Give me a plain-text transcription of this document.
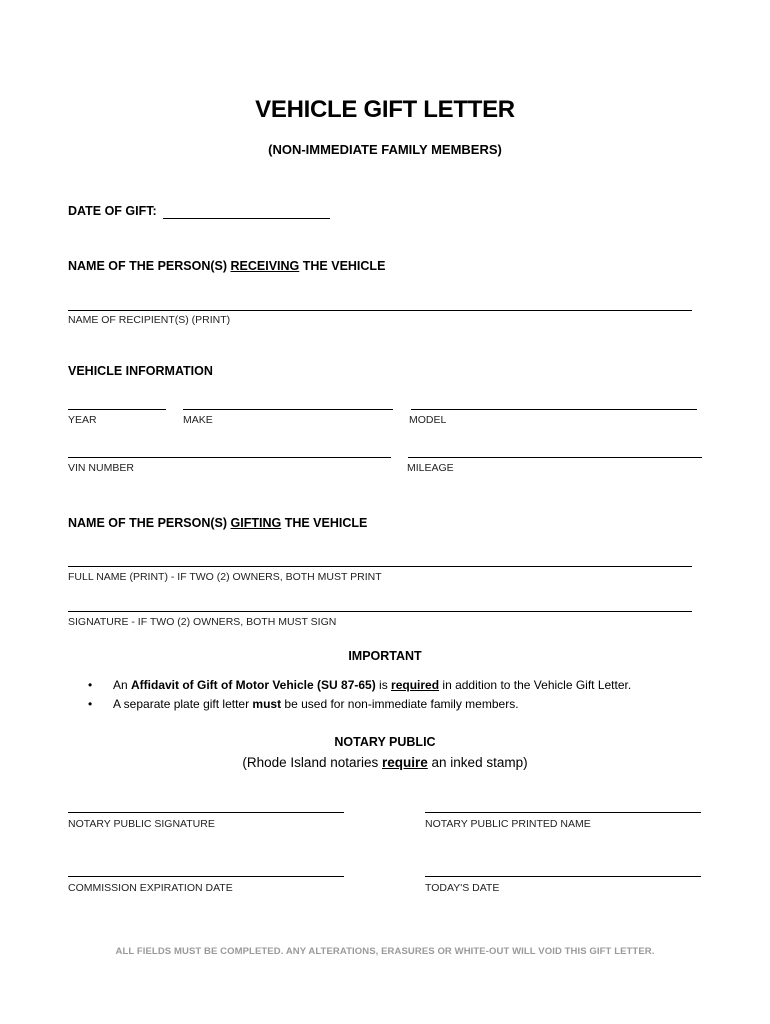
VEHICLE GIFT LETTER
(NON-IMMEDIATE FAMILY MEMBERS)
DATE OF GIFT:
NAME OF THE PERSON(S) RECEIVING THE VEHICLE
NAME OF RECIPIENT(S) (PRINT)
VEHICLE INFORMATION
YEAR	MAKE	MODEL
VIN NUMBER	MILEAGE
NAME OF THE PERSON(S) GIFTING THE VEHICLE
FULL NAME (PRINT) - IF TWO (2) OWNERS, BOTH MUST PRINT
SIGNATURE - IF TWO (2) OWNERS, BOTH MUST SIGN
IMPORTANT
•	An Affidavit of Gift of Motor Vehicle (SU 87-65) is required in addition to the Vehicle Gift Letter.
•	A separate plate gift letter must be used for non-immediate family members.
NOTARY PUBLIC
(Rhode Island notaries require an inked stamp)
NOTARY PUBLIC SIGNATURE	NOTARY PUBLIC PRINTED NAME
COMMISSION EXPIRATION DATE	TODAY'S DATE
ALL FIELDS MUST BE COMPLETED. ANY ALTERATIONS, ERASURES OR WHITE-OUT WILL VOID THIS GIFT LETTER.
